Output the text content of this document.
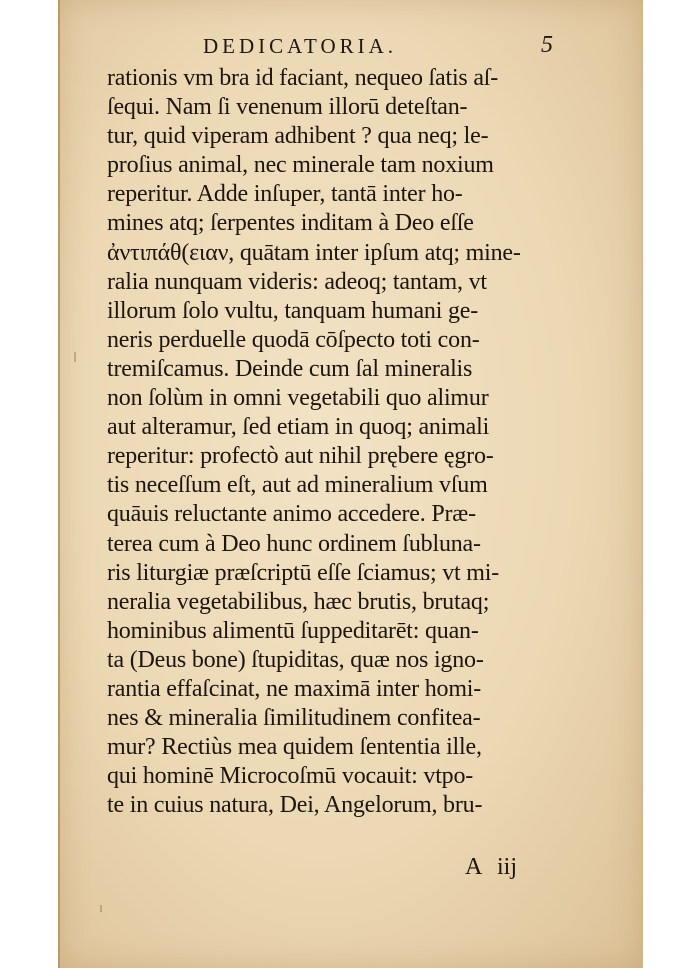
DEDICATORIA.	5
rationis vm bra id faciant, nequeo ſatis aſ-
ſequi. Nam ſi venenum illorū deteſtan-
tur, quid viperam adhibent ? qua neq; le-
proſius animal, nec minerale tam noxium
reperitur. Adde inſuper, tantā inter ho-
mines atq; ſerpentes inditam à Deo eſſe
ἀντιπάθ(ειαν, quātam inter ipſum atq; mine-
ralia nunquam videris: adeoq; tantam, vt
illorum ſolo vultu, tanquam humani ge-
neris perduelle quodā cōſpectо toti con-
tremiſcamus. Deinde cum ſal mineralis
non ſolùm in omni vegetabili quo alimur
aut alteramur, ſed etiam in quoq; animali
reperitur: profectò aut nihil prębere ęgro-
tis neceſſum eſt, aut ad mineralium vſum
quāuis reluctante animo accedere. Præ-
terea cum à Deo hunc ordinem ſubluna-
ris liturgiæ præſcriptū eſſe ſciamus; vt mi-
neralia vegetabilibus, hæc brutis, brutaq;
hominibus alimentū ſuppeditarēt: quan-
ta (Deus bone) ſtupiditas, quæ nos igno-
rantia effaſcinat, ne maximā inter homi-
nes & mineralia ſimilitudinem confitea-
mur? Rectiùs mea quidem ſententia ille,
qui hominē Microcoſmū vocauit: vtpo-
te in cuius natura, Dei, Angelorum, bru-
A iij
